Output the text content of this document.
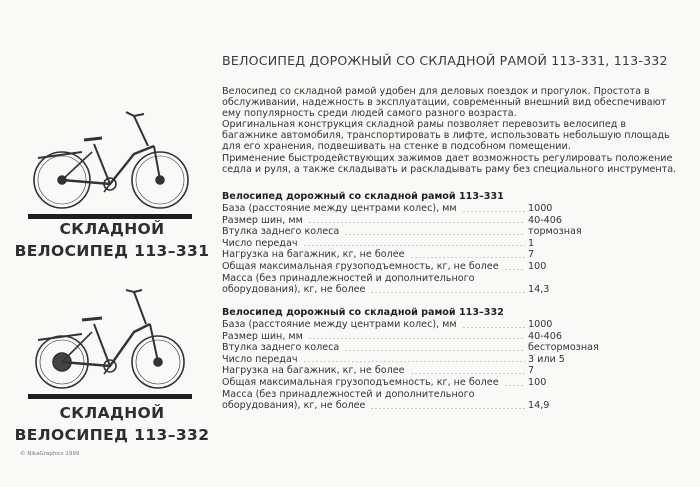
СКЛАДНОЙ
ВЕЛОСИПЕД 113–331
СКЛАДНОЙ
ВЕЛОСИПЕД 113–332
© NikaGraphics 1999
ВЕЛОСИПЕД ДОРОЖНЫЙ СО СКЛАДНОЙ РАМОЙ 113-331, 113-332

Велосипед со складной рамой удобен для деловых поездок и прогулок. Простота в обслуживании, надежность в эксплуатации, современный внешний вид обеспечивают ему популярность среди людей самого разного возраста.

Оригинальная конструкция складной рамы позволяет перевозить велосипед в багажнике автомобиля, транспортировать в лифте, использовать небольшую площадь для его хранения, подвешивать на стенке в подсобном помещении.

Применение быстродействующих зажимов дает возможность регулировать положение седла и руля, а также складывать и раскладывать раму без специального инструмента.

Велосипед дорожный со складной рамой 113–331
База (расстояние между центрами колес), мм	1000
Размер шин, мм	40-406
Втулка заднего колеса	тормозная
Число передач	1
Нагрузка на багажник, кг, не более	7
Общая максимальная грузоподъемность, кг, не более	100
Масса (без принадлежностей и дополнительного
оборудования), кг, не более	14,3
Велосипед дорожный со складной рамой 113–332
База (расстояние между центрами колес), мм	1000
Размер шин, мм	40-406
Втулка заднего колеса	бестормозная
Число передач	3 или 5
Нагрузка на багажник, кг, не более	7
Общая максимальная грузоподъемность, кг, не более	100
Масса (без принадлежностей и дополнительного
оборудования), кг, не более	14,9
